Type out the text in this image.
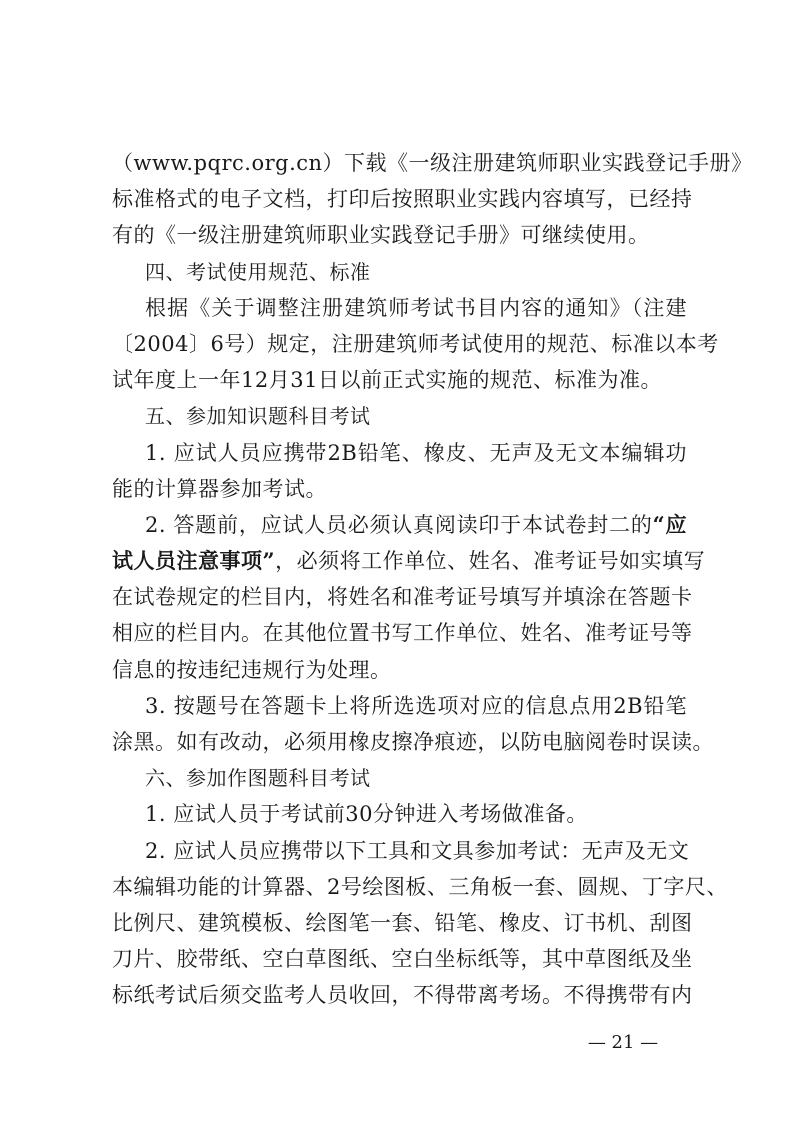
（www.pqrc.org.cn）下载《一级注册建筑师职业实践登记手册》
标准格式的电子文档，打印后按照职业实践内容填写，已经持
有的《一级注册建筑师职业实践登记手册》可继续使用。
四、考试使用规范、标准
根据《关于调整注册建筑师考试书目内容的通知》（注建
〔2004〕6号）规定，注册建筑师考试使用的规范、标准以本考
试年度上一年12月31日以前正式实施的规范、标准为准。
五、参加知识题科目考试
1. 应试人员应携带2B铅笔、橡皮、无声及无文本编辑功
能的计算器参加考试。
2. 答题前，应试人员必须认真阅读印于本试卷封二的“应
试人员注意事项”，必须将工作单位、姓名、准考证号如实填写
在试卷规定的栏目内，将姓名和准考证号填写并填涂在答题卡
相应的栏目内。在其他位置书写工作单位、姓名、准考证号等
信息的按违纪违规行为处理。
3. 按题号在答题卡上将所选选项对应的信息点用2B铅笔
涂黑。如有改动，必须用橡皮擦净痕迹，以防电脑阅卷时误读。
六、参加作图题科目考试
1. 应试人员于考试前30分钟进入考场做准备。
2. 应试人员应携带以下工具和文具参加考试：无声及无文
本编辑功能的计算器、2号绘图板、三角板一套、圆规、丁字尺、
比例尺、建筑模板、绘图笔一套、铅笔、橡皮、订书机、刮图
刀片、胶带纸、空白草图纸、空白坐标纸等，其中草图纸及坐
标纸考试后须交监考人员收回，不得带离考场。不得携带有内
— 21 —
